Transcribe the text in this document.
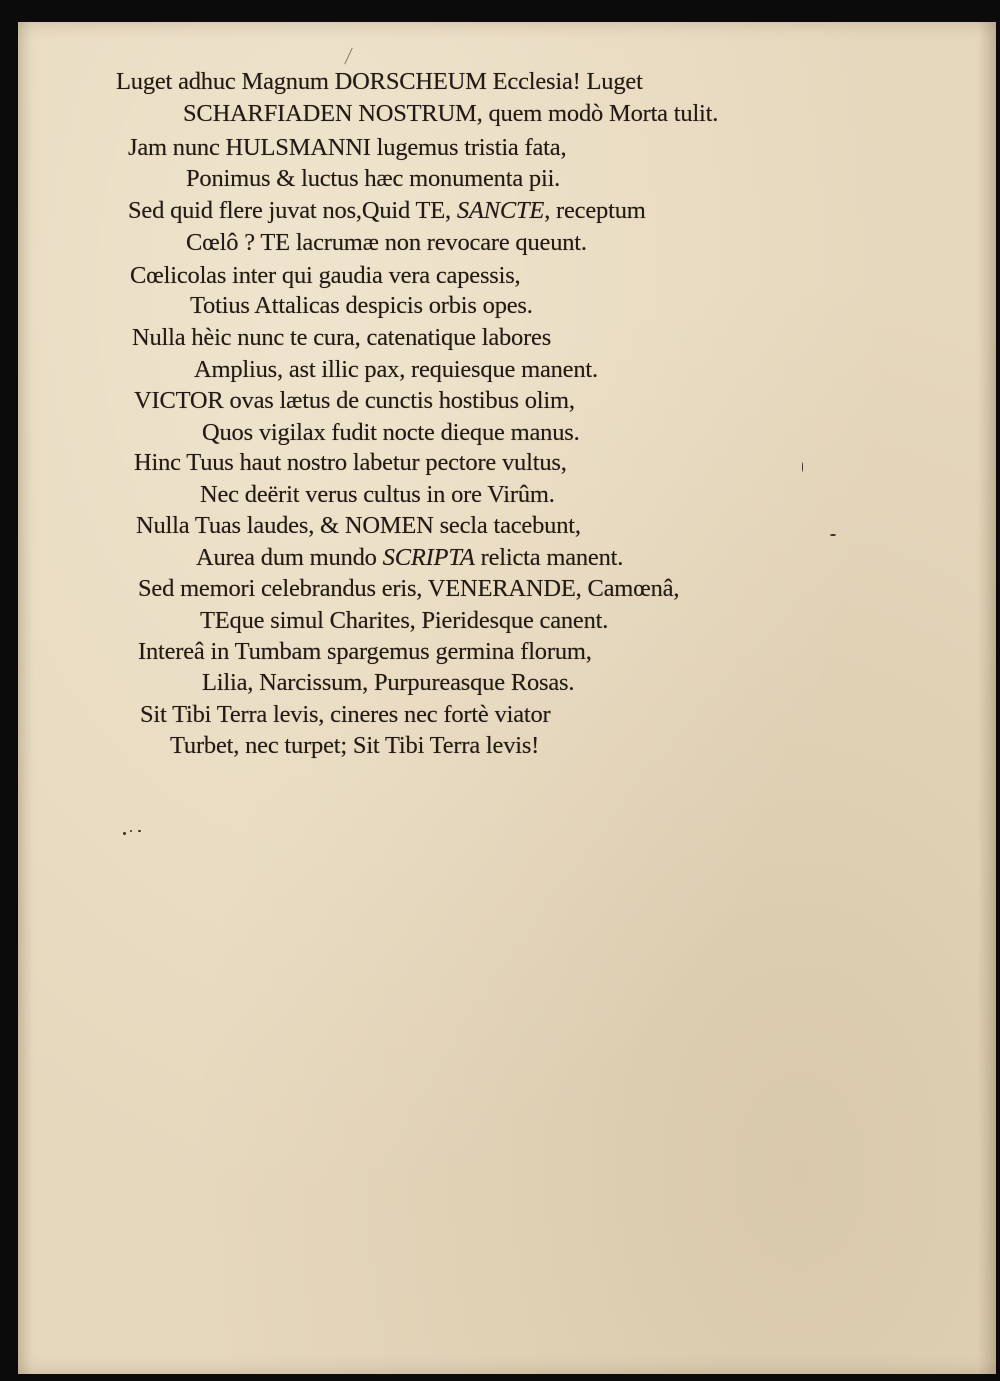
Luget adhuc Magnum DORSCHEUM Ecclesia! Luget
SCHARFIADEN NOSTRUM, quem modò Morta tulit.
Jam nunc HULSMANNI lugemus tristia fata,
Ponimus & luctus hæc monumenta pii.
Sed quid flere juvat nos,Quid TE, SANCTE, receptum
Cœlô ? TE lacrumæ non revocare queunt.
Cœlicolas inter qui gaudia vera capessis,
Totius Attalicas despicis orbis opes.
Nulla hèic nunc te cura, catenatique labores
Amplius, ast illic pax, requiesque manent.
VICTOR ovas lætus de cunctis hostibus olim,
Quos vigilax fudit nocte dieque manus.
Hinc Tuus haut nostro labetur pectore vultus,
Nec deërit verus cultus in ore Virûm.
Nulla Tuas laudes, & NOMEN secla tacebunt,
Aurea dum mundo SCRIPTA relicta manent.
Sed memori celebrandus eris, VENERANDE, Camœnâ,
TEque simul Charites, Pieridesque canent.
Intereâ in Tumbam spargemus germina florum,
Lilia, Narcissum, Purpureasque Rosas.
Sit Tibi Terra levis, cineres nec fortè viator
Turbet, nec turpet; Sit Tibi Terra levis!
